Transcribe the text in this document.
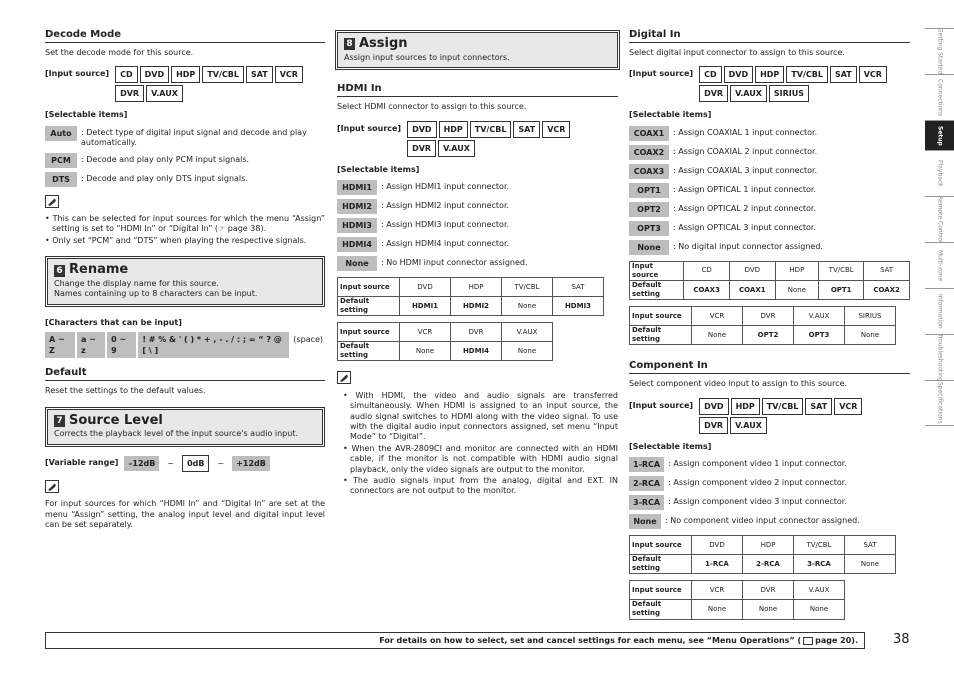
Decode Mode
Set the decode mode for this source.
[Input source]	CD	DVD	HDP	TV/CBL	SAT	VCR
DVR	V.AUX
[Selectable items]
Auto	: Detect type of digital input signal and decode and play automatically.
PCM	: Decode and play only PCM input signals.
DTS	: Decode and play only DTS input signals.
• This can be selected for input sources for which the menu “Assign” setting is set to “HDMI In” or “Digital In” (☞ page 38).
• Only set “PCM” and “DTS” when playing the respective signals.
6 Rename
Change the display name for this source.
Names containing up to 8 characters can be input.
[Characters that can be input]
A ~ Z
a ~ z
0 ~ 9
! # % & ' ( ) * + , - . / : ; = “ ? @ [ \ ]
(space)
Default
Reset the settings to the default values.
7 Source Level
Corrects the playback level of the input source's audio input.
[Variable range]	–12dB	~	0dB	~	+12dB
For input sources for which “HDMI In” and “Digital In” are set at the menu “Assign” setting, the analog input level and digital input level can be set separately.
8 Assign
Assign input sources to input connectors.
HDMI In
Select HDMI connector to assign to this source.
[Input source]	DVD	HDP	TV/CBL	SAT	VCR
DVR	V.AUX
[Selectable items]
HDMI1	: Assign HDMI1 input connector.
HDMI2	: Assign HDMI2 input connector.
HDMI3	: Assign HDMI3 input connector.
HDMI4	: Assign HDMI4 input connector.
None	: No HDMI input connector assigned.
Input source	DVD	HDP	TV/CBL	SAT
Default setting	HDMI1	HDMI2	None	HDMI3
Input source	VCR	DVR	V.AUX
Default setting	None	HDMI4	None
• With HDMI, the video and audio signals are transferred simultaneously. When HDMI is assigned to an input source, the audio signal switches to HDMI along with the video signal. To use with the digital audio input connectors assigned, set menu “Input Mode” to “Digital”.
• When the AVR-2809CI and monitor are connected with an HDMI cable, if the monitor is not compatible with HDMI audio signal playback, only the video signals are output to the monitor.
• The audio signals input from the analog, digital and EXT. IN connectors are not output to the monitor.
Digital In
Select digital input connector to assign to this source.
[Input source]	CD	DVD	HDP	TV/CBL	SAT	VCR
DVR	V.AUX	SIRIUS
[Selectable items]
COAX1	: Assign COAXIAL 1 input connector.
COAX2	: Assign COAXIAL 2 input connector.
COAX3	: Assign COAXIAL 3 input connector.
OPT1	: Assign OPTICAL 1 input connector.
OPT2	: Assign OPTICAL 2 input connector.
OPT3	: Assign OPTICAL 3 input connector.
None	: No digital input connector assigned.
Input source	CD	DVD	HDP	TV/CBL	SAT
Default setting	COAX3	COAX1	None	OPT1	COAX2
Input source	VCR	DVR	V.AUX	SIRIUS
Default setting	None	OPT2	OPT3	None
Component In
Select component video input to assign to this source.
[Input source]	DVD	HDP	TV/CBL	SAT	VCR
DVR	V.AUX
[Selectable items]
1-RCA	: Assign component video 1 input connector.
2-RCA	: Assign component video 2 input connector.
3-RCA	: Assign component video 3 input connector.
None	: No component video input connector assigned.
Input source	DVD	HDP	TV/CBL	SAT
Default setting	1-RCA	2-RCA	3-RCA	None
Input source	VCR	DVR	V.AUX
Default setting	None	None	None
Getting Started
Connections
Setup
Playback
Remote Control
Multi-zone
Information
Troubleshooting
Specifications
For details on how to select, set and cancel settings for each menu, see “Menu Operations” ( page 20).	38
